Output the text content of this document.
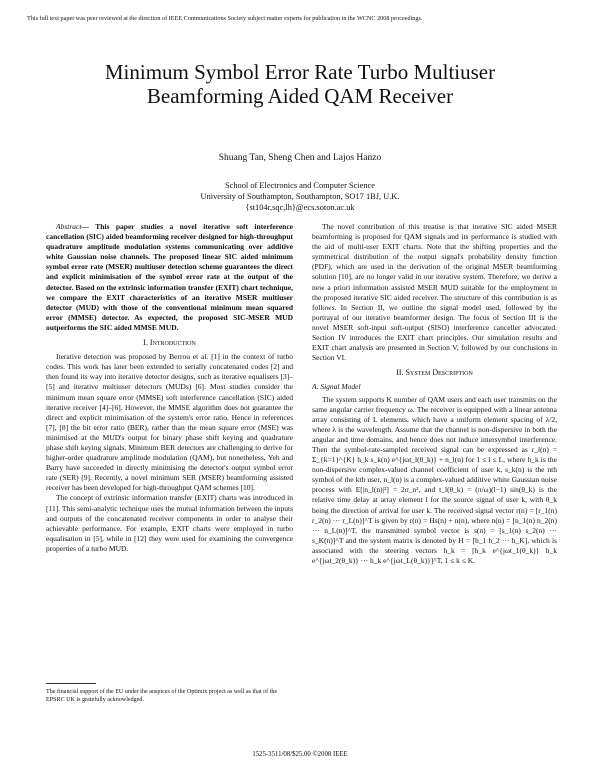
This full text paper was peer reviewed at the direction of IEEE Communications Society subject matter experts for publication in the WCNC 2008 proceedings.
Minimum Symbol Error Rate Turbo Multiuser
Beamforming Aided QAM Receiver
Shuang Tan, Sheng Chen and Lajos Hanzo
School of Electronics and Computer Science
University of Southampton, Southampton, SO17 1BJ, U.K.
{st104r,sqc,lh}@ecs.soton.ac.uk

Abstract— This paper studies a novel iterative soft interference cancellation (SIC) aided beamforming receiver designed for high-throughput quadrature amplitude modulation systems communicating over additive white Gaussian noise channels. The proposed linear SIC aided minimum symbol error rate (MSER) multiuser detection scheme guarantees the direct and explicit minimisation of the symbol error rate at the output of the detector. Based on the extrinsic information transfer (EXIT) chart technique, we compare the EXIT characteristics of an iterative MSER multiuser detector (MUD) with those of the conventional minimum mean squared error (MMSE) detector. As expected, the proposed SIC-MSER MUD outperforms the SIC aided MMSE MUD.

I. Introduction

Iterative detection was proposed by Berrou et al. [1] in the context of turbo codes. This work has later been extended to serially concatenated codes [2] and then found its way into iterative detector designs, such as iterative equalisers [3]–[5] and iterative multiuser detectors (MUDs) [6]. Most studies consider the minimum mean square error (MMSE) soft interference cancellation (SIC) aided iterative receiver [4]–[6]. However, the MMSE algorithm does not guarantee the direct and explicit minimisation of the system's error ratio. Hence in references [7], [8] the bit error ratio (BER), rather than the mean square error (MSE) was minimised at the MUD's output for binary phase shift keying and quadrature phase shift keying signals. Minimum BER detectors are challenging to derive for higher-order quadrature amplitude modulation (QAM), but nonetheless, Yeh and Barry have succeeded in directly minimising the detector's output symbol error rate (SER) [9]. Recently, a novel minimum SER (MSER) beamforming assisted receiver has been developed for high-throughput QAM schemes [10].

The concept of extrinsic information transfer (EXIT) charts was introduced in [11]. This semi-analytic technique uses the mutual information between the inputs and outputs of the concatenated receiver components in order to analyse their achievable performance. For example, EXIT charts were employed in turbo equalisation in [5], while in [12] they were used for examining the convergence properties of a turbo MUD.

The financial support of the EU under the auspices of the Optimix project as well as that of the EPSRC UK is gratefully acknowledged.

The novel contribution of this treatise is that iterative SIC aided MSER beamforming is proposed for QAM signals and its performance is studied with the aid of multi-user EXIT charts. Note that the shifting properties and the symmetrical distribution of the output signal's probability density function (PDF), which are used in the derivation of the original MSER beamforming solution [10], are no longer valid in our iterative system. Therefore, we derive a new a priori information assisted MSER MUD suitable for the employment in the proposed iterative SIC aided receiver. The structure of this contribution is as follows. In Section II, we outline the signal model used, followed by the portrayal of our iterative beamformer design. The focus of Section III is the novel MSER soft-input soft-output (SISO) interference canceller advocated. Section IV introduces the EXIT chart principles. Our simulation results and EXIT chart analysis are presented in Section V, followed by our conclusions in Section VI.

II. System Description

A. Signal Model

The system supports K number of QAM users and each user transmits on the same angular carrier frequency ω. The receiver is equipped with a linear antenna array consisting of L elements, which have a uniform element spacing of λ/2, where λ is the wavelength. Assume that the channel is non-dispersive in both the angular and time domains, and hence does not induce intersymbol interference. Then the symbol-rate-sampled received signal can be expressed as r_l(n) = Σ_{k=1}^{K} h_k s_k(n) e^{jωt_l(θ_k)} + n_l(n) for 1 ≤ l ≤ L, where h_k is the non-dispersive complex-valued channel coefficient of user k, s_k(n) is the nth symbol of the kth user, n_l(n) is a complex-valued additive white Gaussian noise process with E[|n_l(n)|²] = 2σ_n², and t_l(θ_k) = (π/ω)(l−1) sin(θ_k) is the relative time delay at array element l for the source signal of user k, with θ_k being the direction of arrival for user k. The received signal vector r(n) = [r_1(n) r_2(n) ··· r_L(n)]^T is given by r(n) = Hs(n) + n(n), where n(n) = [n_1(n) n_2(n) ··· n_L(n)]^T, the transmitted symbol vector is s(n) = [s_1(n) s_2(n) ··· s_K(n)]^T and the system matrix is denoted by H = [h_1 h_2 ··· h_K], which is associated with the steering vectors h_k = [h_k e^{jωt_1(θ_k)} h_k e^{jωt_2(θ_k)} ··· h_k e^{jωt_L(θ_k)}]^T, 1 ≤ k ≤ K.

1525-3511/08/$25.00 ©2008 IEEE
